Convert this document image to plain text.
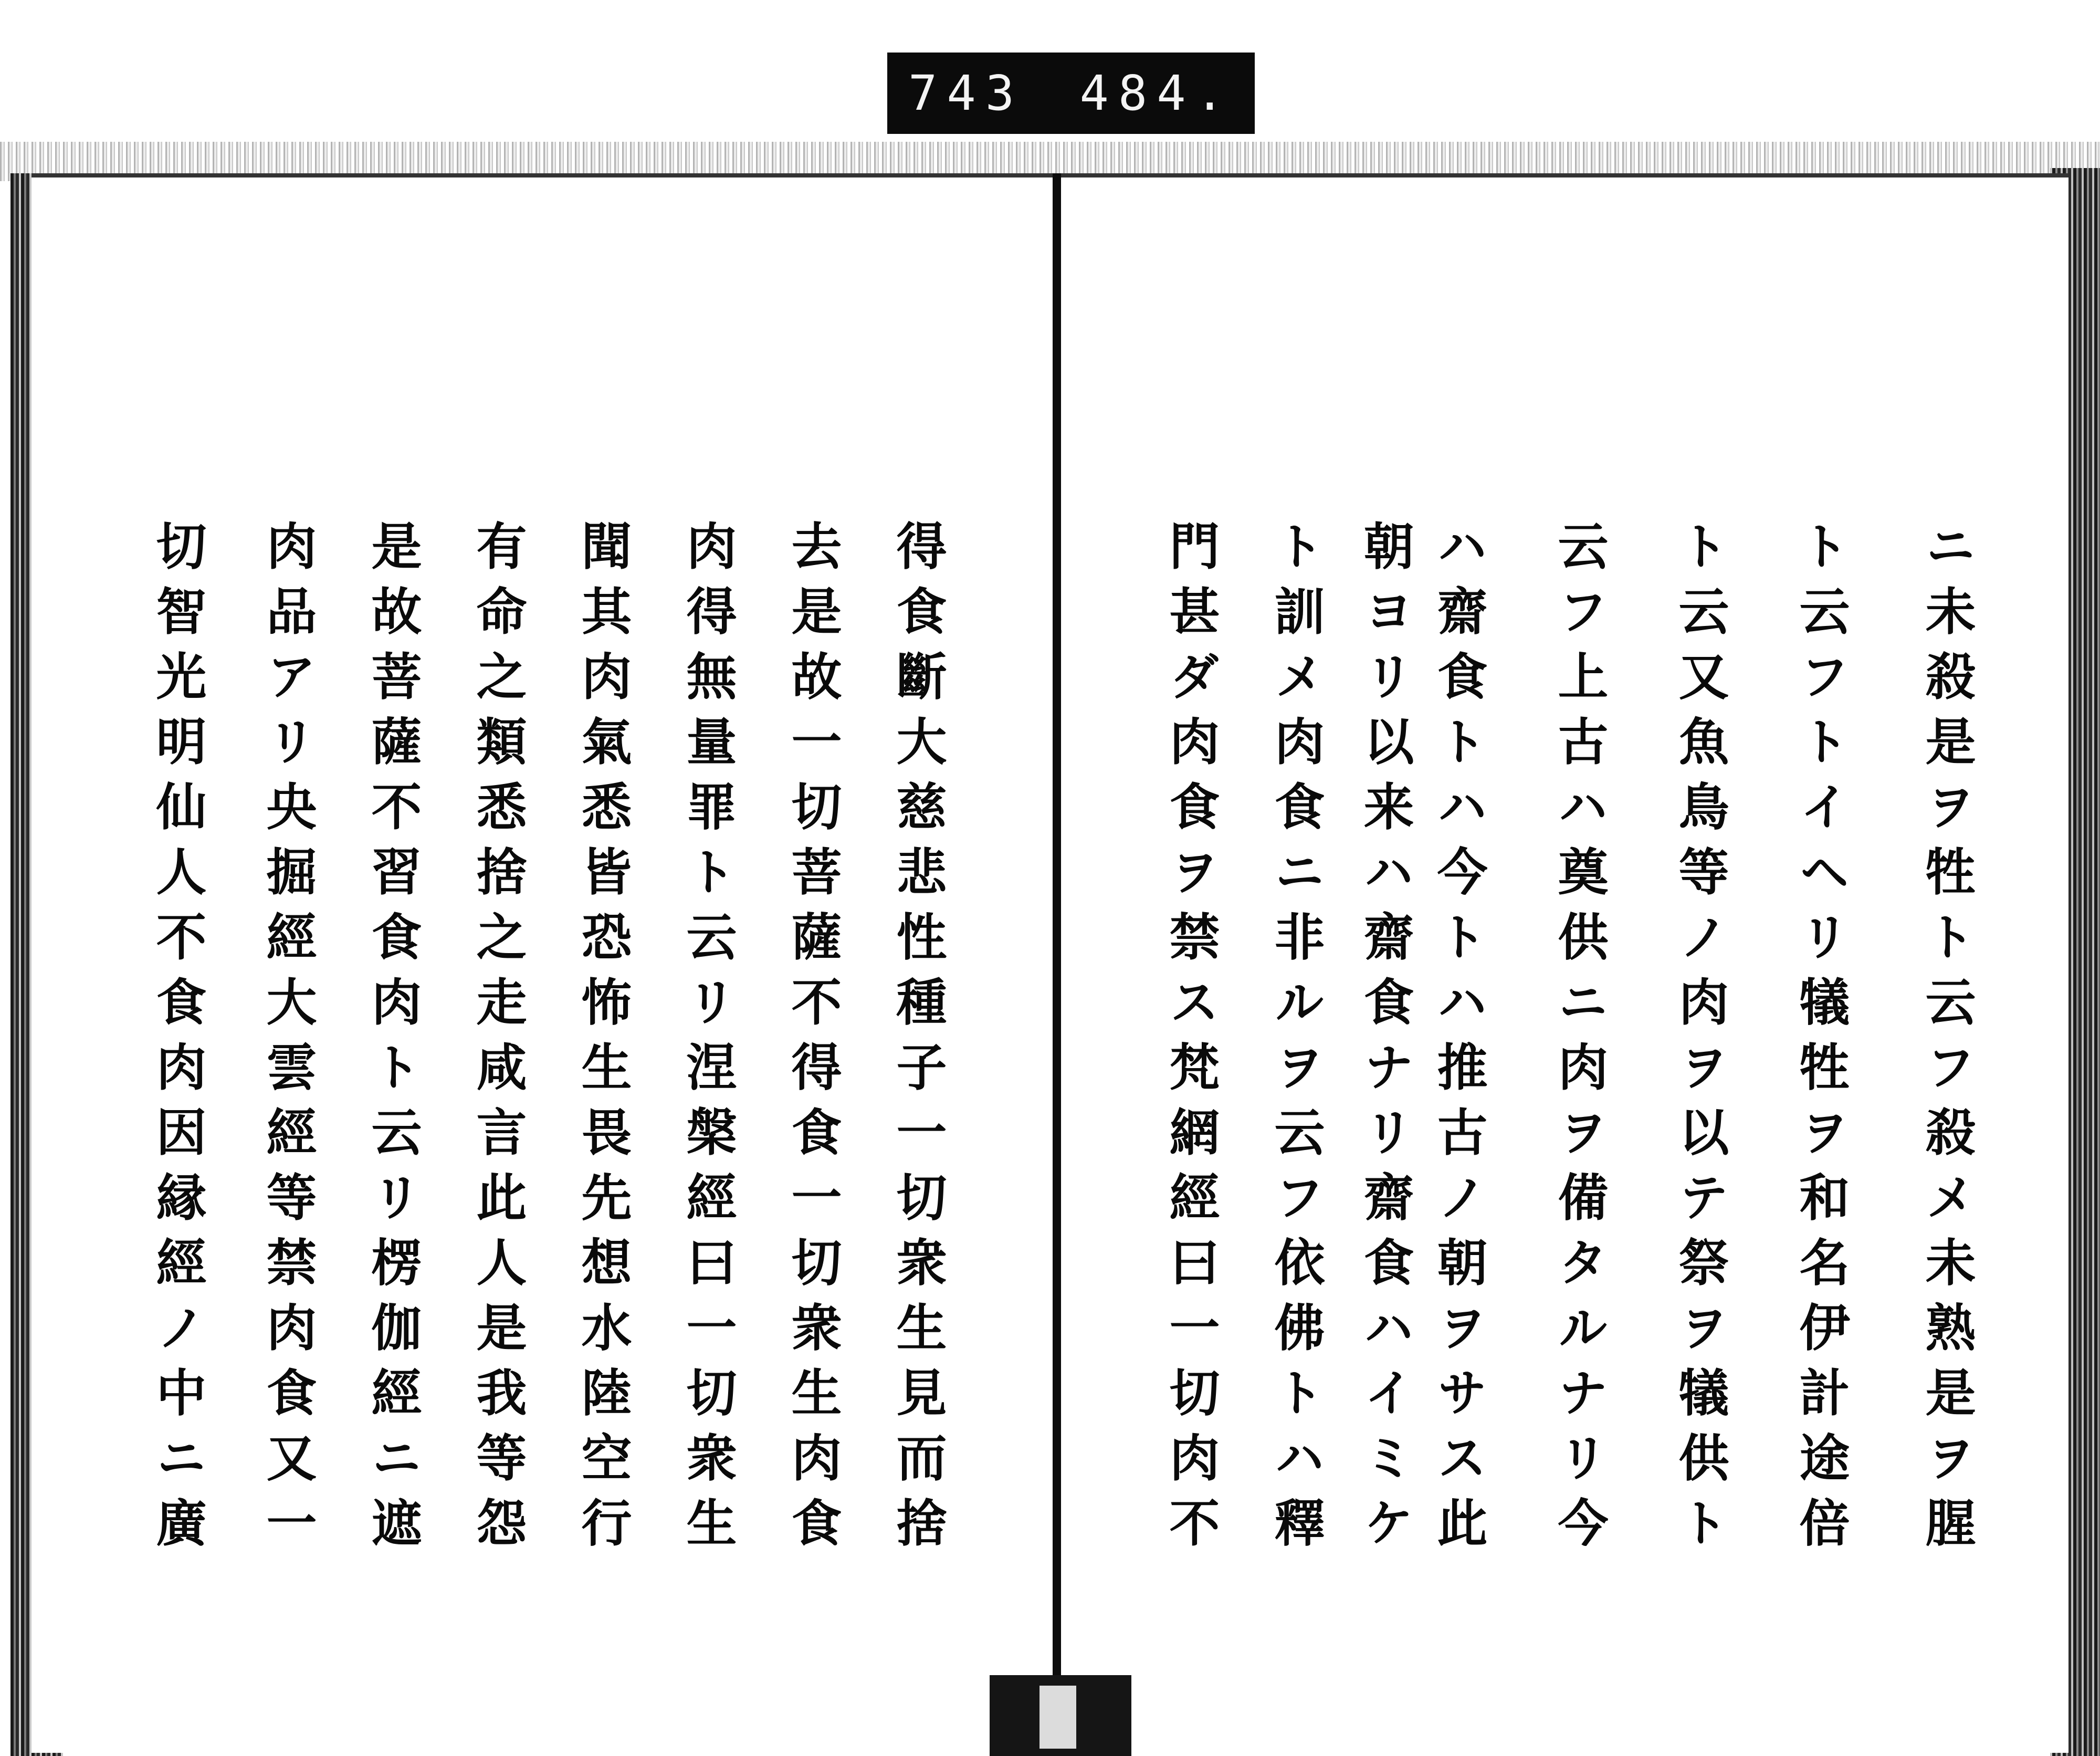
743 484.
ニ未殺是ヲ牲ト云フ殺メ未熟是ヲ腥
ト云フトイヘリ犠牲ヲ和名伊計途倍
ト云又魚鳥等ノ肉ヲ以テ祭ヲ犠供ト
云フ上古ハ奠供ニ肉ヲ備タルナリ今
ハ齋食トハ今トハ推古ノ朝ヲサス此
朝ヨリ以来ハ齋食ナリ齋食ハイミケ
ト訓メ肉食ニ非ルヲ云フ依佛トハ釋
門甚ダ肉食ヲ禁ス梵網經曰一切肉不
得食斷大慈悲性種子一切衆生見而捨
去是故一切菩薩不得食一切衆生肉食
肉得無量罪ト云リ涅槃經曰一切衆生
聞其肉氣悉皆恐怖生畏先想水陸空行
有命之類悉捨之走咸言此人是我等怨
是故菩薩不習食肉ト云リ楞伽經ニ遮
肉品アリ央掘經大雲經等禁肉食又一
切智光明仙人不食肉因縁經ノ中ニ廣
